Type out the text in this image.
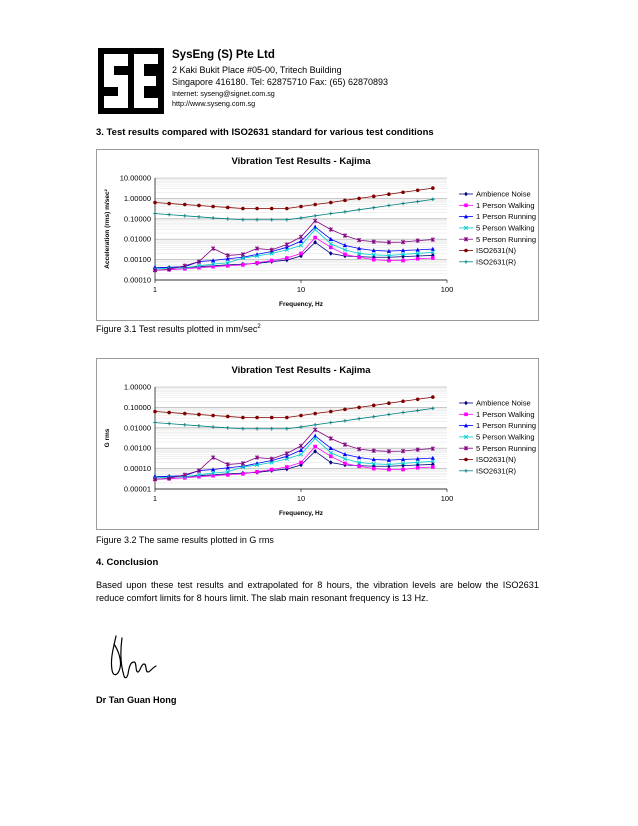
SysEng (S) Pte Ltd
2 Kaki Bukit Place #05-00, Tritech Building
Singapore 416180. Tel: 62875710 Fax: (65) 62870893
Internet: syseng@signet.com.sg
http://www.syseng.com.sg
3. Test results compared with ISO2631 standard for various test conditions
Vibration Test Results - Kajima
0.00010
0.00100
0.01000
0.10000
1.00000
10.00000
1	10	100
Frequency, Hz
Acceleration (rms) m/sec²	Ambience Noise
1 Person Walking
1 Person Running
5 Person Walking
5 Person Running
ISO2631(N)
ISO2631(R)
Figure 3.1 Test results plotted in $mm/\sec^2$
Vibration Test Results - Kajima
0.00001
0.00010
0.00100
0.01000
0.10000
1.00000
1	10	100
Frequency, Hz
G rms
Ambience Noise
1 Person Walking
1 Person Running
5 Person Walking
5 Person Running
ISO2631(N)
ISO2631(R)
Figure 3.2 The same results plotted in G rms
4. Conclusion
Based upon these test results and extrapolated for 8 hours, the vibration levels are below the ISO2631 reduce comfort limits for 8 hours limit. The slab main resonant frequency is 13 Hz.
Dr Tan Guan Hong
